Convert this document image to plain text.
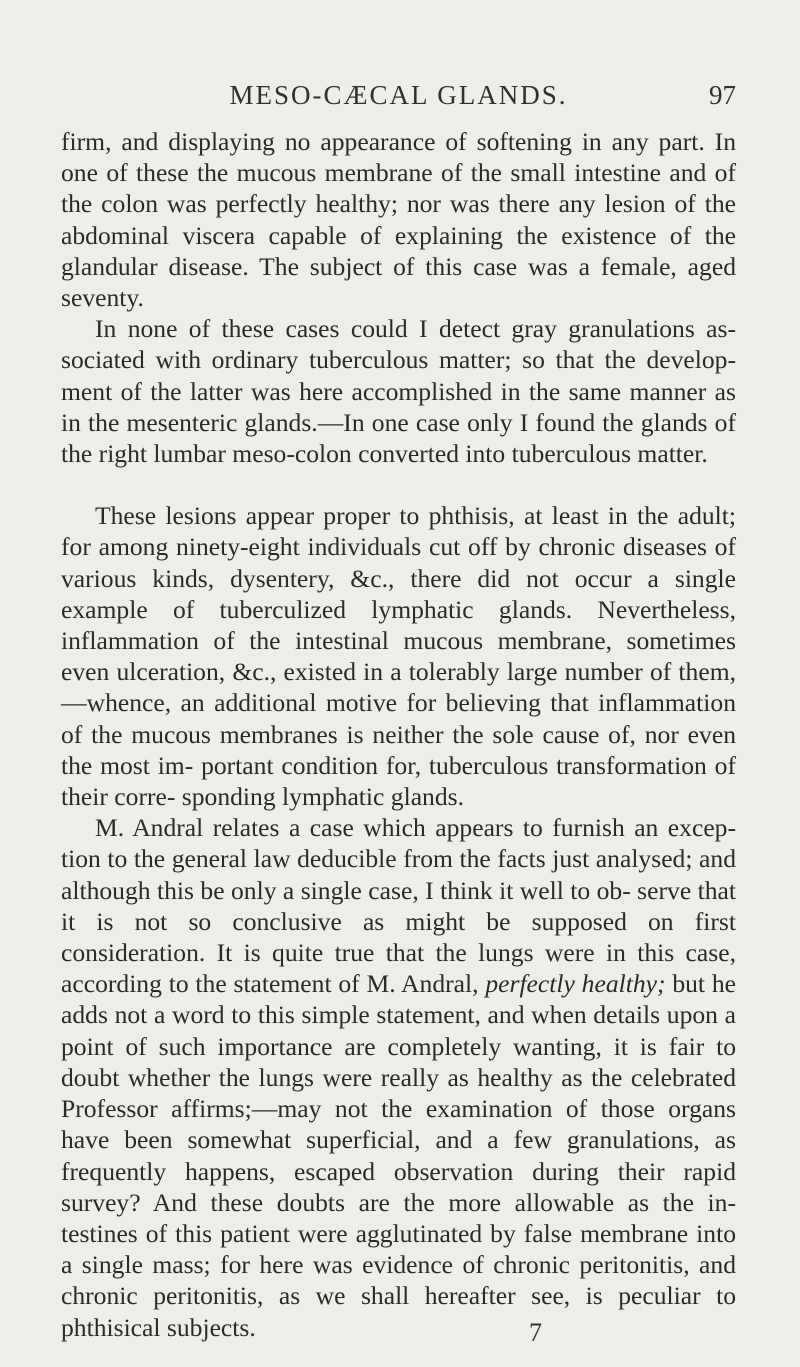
MESO-CÆCAL GLANDS.	97

firm, and displaying no appearance of softening in any part. In one of these the mucous membrane of the small intestine and of the colon was perfectly healthy; nor was there any lesion of the abdominal viscera capable of explaining the existence of the glandular disease. The subject of this case was a female, aged seventy.

In none of these cases could I detect gray granulations as- sociated with ordinary tuberculous matter; so that the develop- ment of the latter was here accomplished in the same manner as in the mesenteric glands.—In one case only I found the glands of the right lumbar meso-colon converted into tuberculous matter.

These lesions appear proper to phthisis, at least in the adult; for among ninety-eight individuals cut off by chronic diseases of various kinds, dysentery, &c., there did not occur a single example of tuberculized lymphatic glands. Nevertheless, inflammation of the intestinal mucous membrane, sometimes even ulceration, &c., existed in a tolerably large number of them,—whence, an additional motive for believing that inflammation of the mucous membranes is neither the sole cause of, nor even the most im- portant condition for, tuberculous transformation of their corre- sponding lymphatic glands.

M. Andral relates a case which appears to furnish an excep- tion to the general law deducible from the facts just analysed; and although this be only a single case, I think it well to ob- serve that it is not so conclusive as might be supposed on first consideration. It is quite true that the lungs were in this case, according to the statement of M. Andral, perfectly healthy; but he adds not a word to this simple statement, and when details upon a point of such importance are completely wanting, it is fair to doubt whether the lungs were really as healthy as the celebrated Professor affirms;—may not the examination of those organs have been somewhat superficial, and a few granulations, as frequently happens, escaped observation during their rapid survey? And these doubts are the more allowable as the in- testines of this patient were agglutinated by false membrane into a single mass; for here was evidence of chronic peritonitis, and chronic peritonitis, as we shall hereafter see, is peculiar to phthisical subjects.	7
